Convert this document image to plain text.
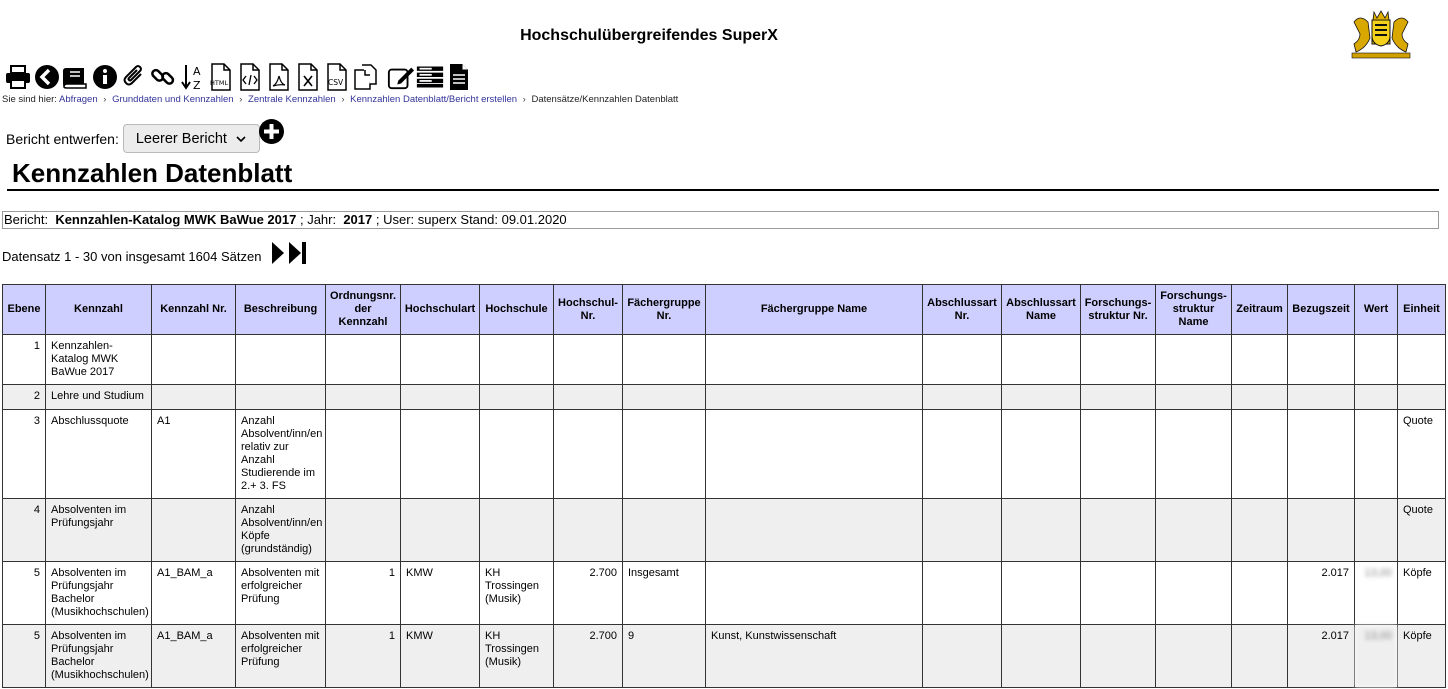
Hochschulübergreifendes SuperX
A
Z HTML	CSV
Sie sind hier: Abfragen › Grunddaten und Kennzahlen › Zentrale Kennzahlen › Kennzahlen Datenblatt/Bericht erstellen › Datensätze/Kennzahlen Datenblatt
Bericht entwerfen: Leerer Bericht
Kennzahlen Datenblatt
Bericht: Kennzahlen-Katalog MWK BaWue 2017 ; Jahr: 2017 ; User: superx Stand: 09.01.2020
Datensatz 1 - 30 von insgesamt 1604 Sätzen
Ebene	Kennzahl	Kennzahl Nr.	Beschreibung	Ordnungsnr. der Kennzahl	Hochschulart	Hochschule	Hochschul-Nr.	Fächergruppe Nr.	Fächergruppe Name	Abschlussart Nr.	Abschlussart Name	Forschungs-struktur Nr.	Forschungs-struktur Name	Zeitraum	Bezugszeit	Wert	Einheit
1	Kennzahlen-Katalog MWK BaWue 2017																
2	Lehre und Studium																
3	Abschlussquote	A1	Anzahl Absolvent/inn/en relativ zur Anzahl Studierende im 2.+ 3. FS														Quote
4	Absolventen im Prüfungsjahr		Anzahl Absolvent/inn/en Köpfe (grundständig)														Quote
5	Absolventen im Prüfungsjahr Bachelor (Musikhochschulen)	A1_BAM_a	Absolventen mit erfolgreicher Prüfung	1	KMW	KH Trossingen (Musik)	2.700	Insgesamt							2.017	13,00	Köpfe
5	Absolventen im Prüfungsjahr Bachelor (Musikhochschulen)	A1_BAM_a	Absolventen mit erfolgreicher Prüfung	1	KMW	KH Trossingen (Musik)	2.700	9	Kunst, Kunstwissenschaft						2.017	13,00	Köpfe
